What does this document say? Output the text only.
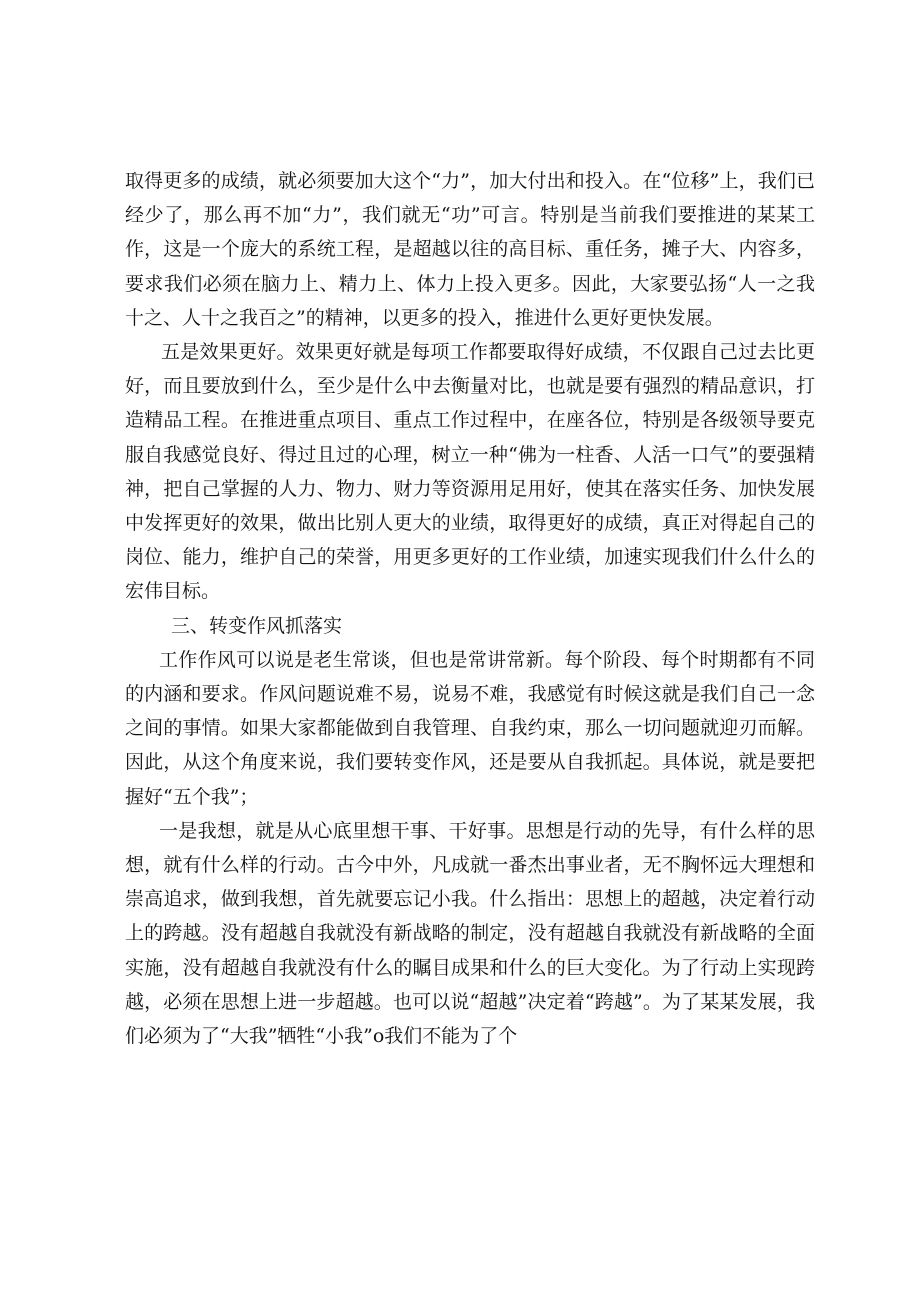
取得更多的成绩，就必须要加大这个“力”，加大付出和投入。在“位移”上，我们已经少了，那么再不加“力”，我们就无“功”可言。特别是当前我们要推进的某某工作，这是一个庞大的系统工程，是超越以往的高目标、重任务，摊子大、内容多，要求我们必须在脑力上、精力上、体力上投入更多。因此，大家要弘扬“人一之我十之、人十之我百之”的精神，以更多的投入，推进什么更好更快发展。

五是效果更好。效果更好就是每项工作都要取得好成绩，不仅跟自己过去比更好，而且要放到什么，至少是什么中去衡量对比，也就是要有强烈的精品意识，打造精品工程。在推进重点项目、重点工作过程中，在座各位，特别是各级领导要克服自我感觉良好、得过且过的心理，树立一种“佛为一柱香、人活一口气”的要强精神，把自己掌握的人力、物力、财力等资源用足用好，使其在落实任务、加快发展中发挥更好的效果，做出比别人更大的业绩，取得更好的成绩，真正对得起自己的岗位、能力，维护自己的荣誉，用更多更好的工作业绩，加速实现我们什么什么的宏伟目标。

三、转变作风抓落实

工作作风可以说是老生常谈，但也是常讲常新。每个阶段、每个时期都有不同的内涵和要求。作风问题说难不易，说易不难，我感觉有时候这就是我们自己一念之间的事情。如果大家都能做到自我管理、自我约束，那么一切问题就迎刃而解。因此，从这个角度来说，我们要转变作风，还是要从自我抓起。具体说，就是要把握好“五个我”；

一是我想，就是从心底里想干事、干好事。思想是行动的先导，有什么样的思想，就有什么样的行动。古今中外，凡成就一番杰出事业者，无不胸怀远大理想和崇高追求，做到我想，首先就要忘记小我。什么指出：思想上的超越，决定着行动上的跨越。没有超越自我就没有新战略的制定，没有超越自我就没有新战略的全面实施，没有超越自我就没有什么的瞩目成果和什么的巨大变化。为了行动上实现跨越，必须在思想上进一步超越。也可以说“超越”决定着“跨越”。为了某某发展，我们必须为了“大我”牺牲“小我”o我们不能为了个
